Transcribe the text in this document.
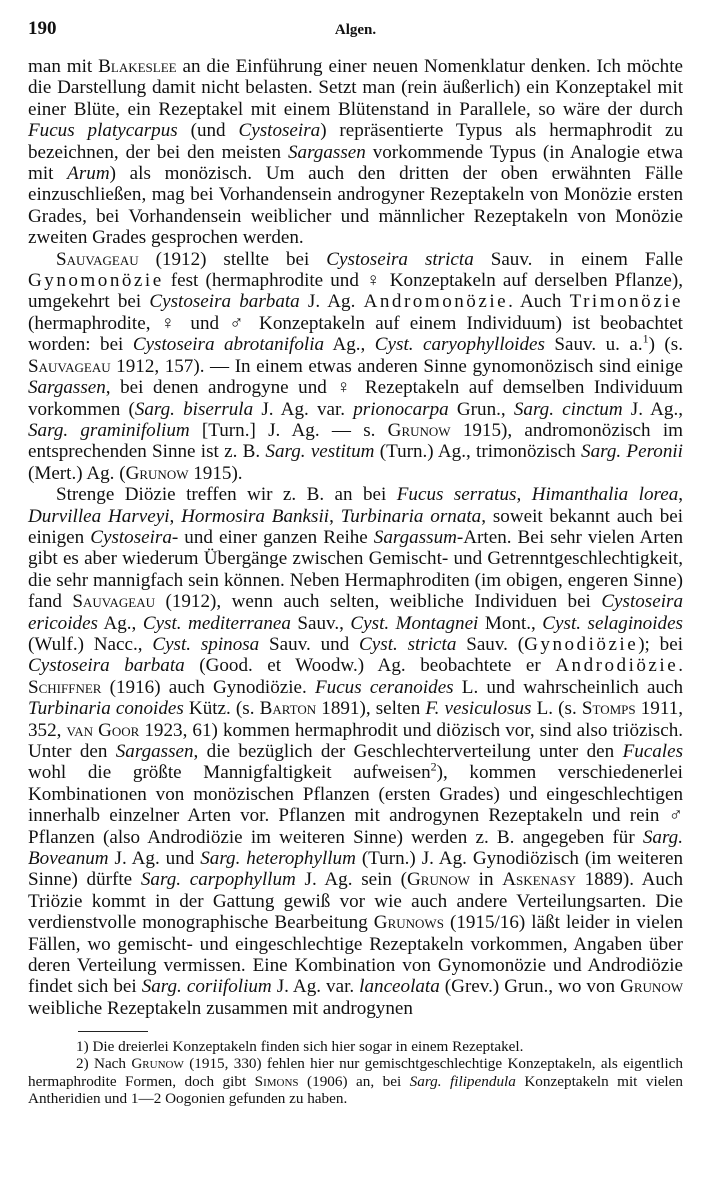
190	Algen.

man mit Blakeslee an die Einführung einer neuen Nomenklatur denken. Ich möchte die Darstellung damit nicht belasten. Setzt man (rein äußerlich) ein Konzeptakel mit einer Blüte, ein Rezeptakel mit einem Blütenstand in Parallele, so wäre der durch Fucus platycarpus (und Cystoseira) repräsentierte Typus als hermaphrodit zu bezeichnen, der bei den meisten Sargassen vorkommende Typus (in Analogie etwa mit Arum) als monözisch. Um auch den dritten der oben erwähnten Fälle einzuschließen, mag bei Vorhandensein androgyner Rezeptakeln von Monözie ersten Grades, bei Vorhandensein weiblicher und männlicher Rezeptakeln von Monözie zweiten Grades gesprochen werden.

Sauvageau (1912) stellte bei Cystoseira stricta Sauv. in einem Falle Gynomonözie fest (hermaphrodite und ♀ Konzeptakeln auf derselben Pflanze), umgekehrt bei Cystoseira barbata J. Ag. Andromonözie. Auch Trimonözie (hermaphrodite, ♀ und ♂ Konzeptakeln auf einem Individuum) ist beobachtet worden: bei Cystoseira abrotanifolia Ag., Cyst. caryophylloides Sauv. u. a.$^1$) (s. Sauvageau 1912, 157). — In einem etwas anderen Sinne gynomonözisch sind einige Sargassen, bei denen androgyne und ♀ Rezeptakeln auf demselben Individuum vorkommen (Sarg. biserrula J. Ag. var. prionocarpa Grun., Sarg. cinctum J. Ag., Sarg. graminifolium [Turn.] J. Ag. — s. Grunow 1915), andromonözisch im entsprechenden Sinne ist z. B. Sarg. vestitum (Turn.) Ag., trimonözisch Sarg. Peronii (Mert.) Ag. (Grunow 1915).

Strenge Diözie treffen wir z. B. an bei Fucus serratus, Himanthalia lorea, Durvillea Harveyi, Hormosira Banksii, Turbinaria ornata, soweit bekannt auch bei einigen Cystoseira- und einer ganzen Reihe Sargassum-Arten. Bei sehr vielen Arten gibt es aber wiederum Übergänge zwischen Gemischt- und Getrenntgeschlechtigkeit, die sehr mannigfach sein können. Neben Hermaphroditen (im obigen, engeren Sinne) fand Sauvageau (1912), wenn auch selten, weibliche Individuen bei Cystoseira ericoides Ag., Cyst. mediterranea Sauv., Cyst. Montagnei Mont., Cyst. selaginoides (Wulf.) Nacc., Cyst. spinosa Sauv. und Cyst. stricta Sauv. (Gynodiözie); bei Cystoseira barbata (Good. et Woodw.) Ag. beobachtete er Androdiözie. Schiffner (1916) auch Gynodiözie. Fucus ceranoides L. und wahrscheinlich auch Turbinaria conoides Kütz. (s. Barton 1891), selten F. vesiculosus L. (s. Stomps 1911, 352, van Goor 1923, 61) kommen hermaphrodit und diözisch vor, sind also triözisch. Unter den Sargassen, die bezüglich der Geschlechterverteilung unter den Fucales wohl die größte Mannigfaltigkeit aufweisen$^2$), kommen verschiedenerlei Kombinationen von monözischen Pflanzen (ersten Grades) und eingeschlechtigen innerhalb einzelner Arten vor. Pflanzen mit androgynen Rezeptakeln und rein ♂ Pflanzen (also Androdiözie im weiteren Sinne) werden z. B. angegeben für Sarg. Boveanum J. Ag. und Sarg. heterophyllum (Turn.) J. Ag. Gynodiözisch (im weiteren Sinne) dürfte Sarg. carpophyllum J. Ag. sein (Grunow in Askenasy 1889). Auch Triözie kommt in der Gattung gewiß vor wie auch andere Verteilungsarten. Die verdienstvolle monographische Bearbeitung Grunows (1915/16) läßt leider in vielen Fällen, wo gemischt- und eingeschlechtige Rezeptakeln vorkommen, Angaben über deren Verteilung vermissen. Eine Kombination von Gynomonözie und Androdiözie findet sich bei Sarg. coriifolium J. Ag. var. lanceolata (Grev.) Grun., wo von Grunow weibliche Rezeptakeln zusammen mit androgynen

1) Die dreierlei Konzeptakeln finden sich hier sogar in einem Rezeptakel.

2) Nach Grunow (1915, 330) fehlen hier nur gemischtgeschlechtige Konzeptakeln, als eigentlich hermaphrodite Formen, doch gibt Simons (1906) an, bei Sarg. filipendula Konzeptakeln mit vielen Antheridien und 1—2 Oogonien gefunden zu haben.
